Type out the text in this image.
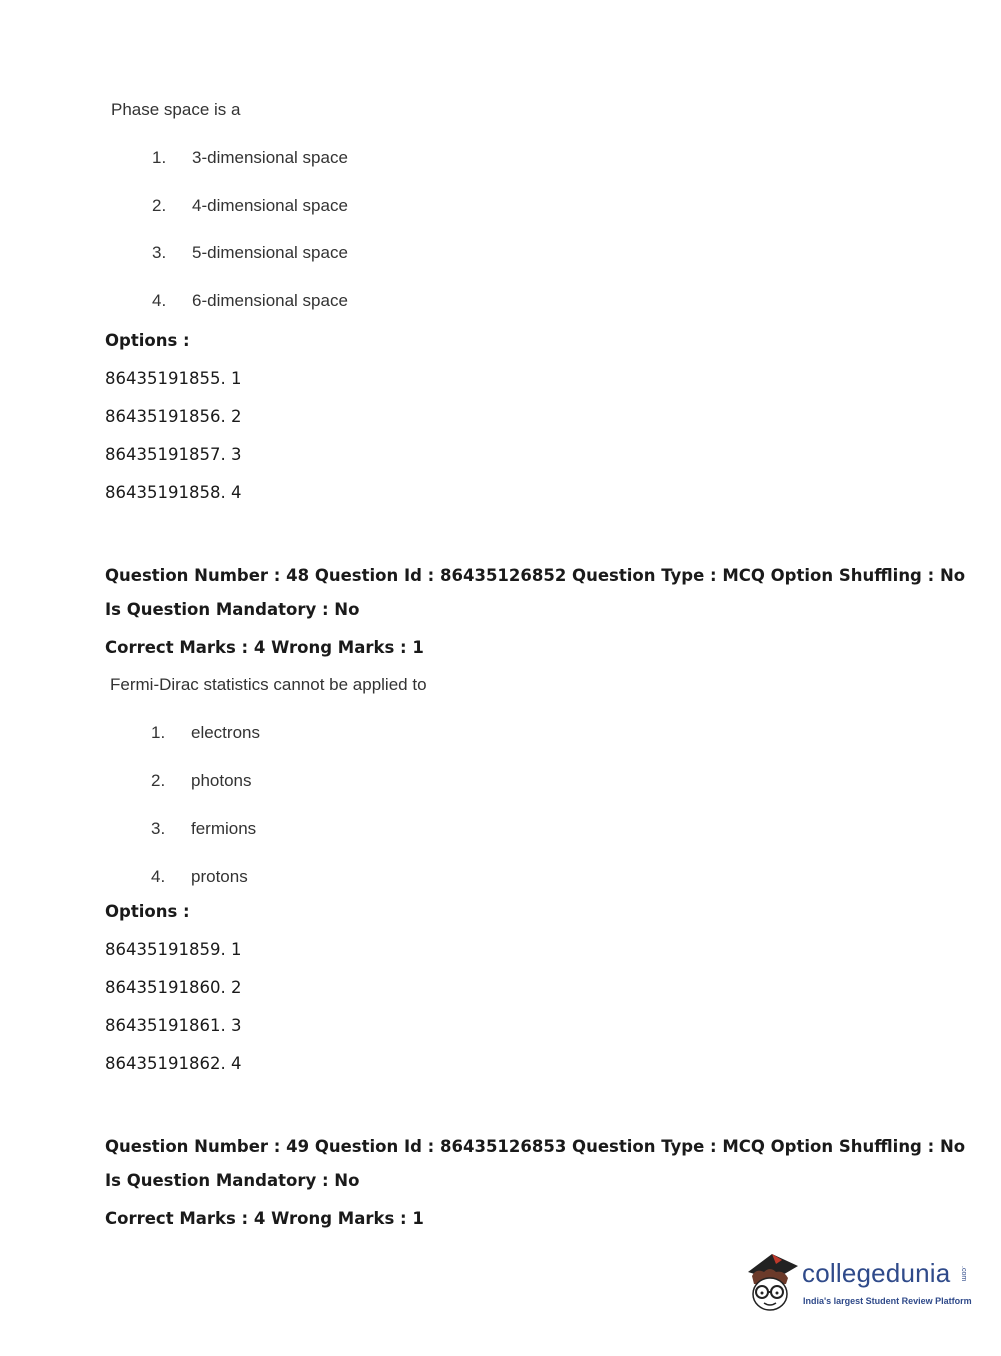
Phase space is a
1. 3-dimensional space
2. 4-dimensional space
3. 5-dimensional space
4. 6-dimensional space
Options :
86435191855. 1
86435191856. 2
86435191857. 3
86435191858. 4
Question Number : 48 Question Id : 86435126852 Question Type : MCQ Option Shuffling : No
Is Question Mandatory : No
Correct Marks : 4 Wrong Marks : 1
Fermi-Dirac statistics cannot be applied to
1. electrons
2. photons
3. fermions
4. protons
Options :
86435191859. 1
86435191860. 2
86435191861. 3
86435191862. 4
Question Number : 49 Question Id : 86435126853 Question Type : MCQ Option Shuffling : No
Is Question Mandatory : No
Correct Marks : 4 Wrong Marks : 1
collegedunia .com
India's largest Student Review Platform
